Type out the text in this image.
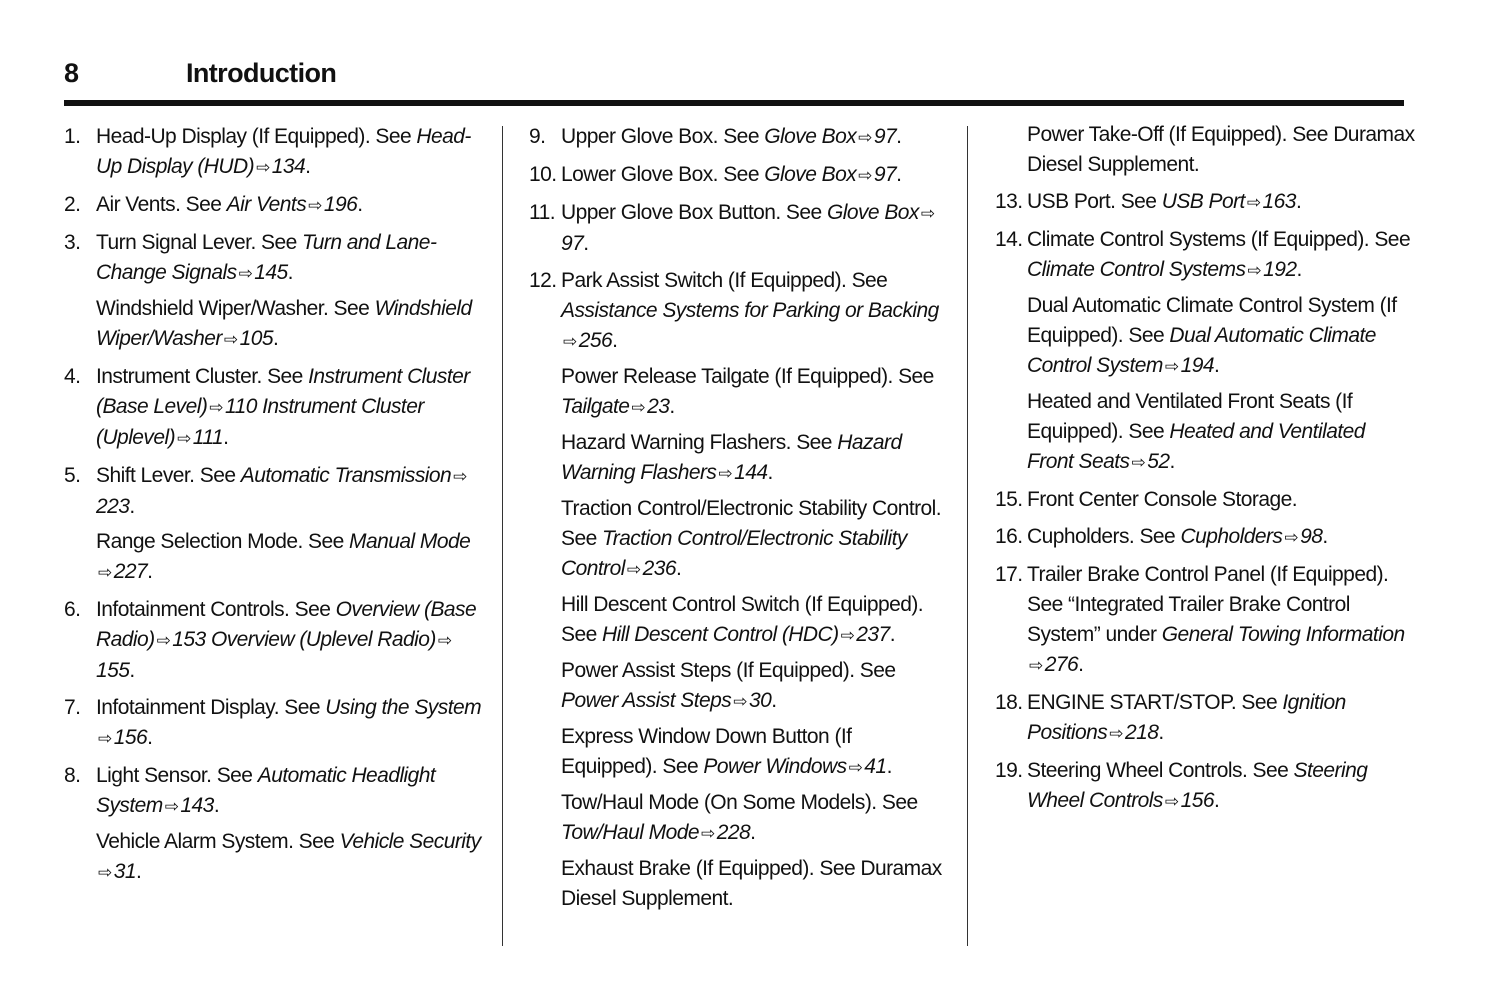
8	Introduction
1. Head-Up Display (If Equipped). See Head-Up Display (HUD) ⇨134.
2. Air Vents. See Air Vents ⇨196.
3. Turn Signal Lever. See Turn and Lane-Change Signals ⇨145.
Windshield Wiper/Washer. See Windshield Wiper/Washer ⇨105.
4. Instrument Cluster. See Instrument Cluster (Base Level) ⇨110 Instrument Cluster (Uplevel) ⇨111.
5. Shift Lever. See Automatic Transmission ⇨223.
Range Selection Mode. See Manual Mode⇨227.
6. Infotainment Controls. See Overview (Base Radio) ⇨153 Overview (Uplevel Radio) ⇨155.
7. Infotainment Display. See Using the System⇨156.
8. Light Sensor. See Automatic Headlight System ⇨143.
Vehicle Alarm System. See Vehicle Security⇨31.
9. Upper Glove Box. See Glove Box ⇨97.
10. Lower Glove Box. See Glove Box ⇨97.
11. Upper Glove Box Button. See Glove Box ⇨97.
12. Park Assist Switch (If Equipped). See Assistance Systems for Parking or Backing⇨256.
Power Release Tailgate (If Equipped). See Tailgate ⇨23.
Hazard Warning Flashers. See Hazard Warning Flashers ⇨144.
Traction Control/Electronic Stability Control. See Traction Control/Electronic Stability Control ⇨236.
Hill Descent Control Switch (If Equipped). See Hill Descent Control (HDC) ⇨237.
Power Assist Steps (If Equipped). See Power Assist Steps ⇨30.
Express Window Down Button (If Equipped). See Power Windows ⇨41.
Tow/Haul Mode (On Some Models). See Tow/Haul Mode ⇨228.
Exhaust Brake (If Equipped). See Duramax Diesel Supplement.
Power Take-Off (If Equipped). See Duramax Diesel Supplement.
13. USB Port. See USB Port ⇨163.
14. Climate Control Systems (If Equipped). See Climate Control Systems ⇨192.
Dual Automatic Climate Control System (If Equipped). See Dual Automatic Climate Control System ⇨194.
Heated and Ventilated Front Seats (If Equipped). See Heated and Ventilated Front Seats ⇨52.
15. Front Center Console Storage.
16. Cupholders. See Cupholders ⇨98.
17. Trailer Brake Control Panel (If Equipped). See “Integrated Trailer Brake Control System” under General Towing Information⇨276.
18. ENGINE START/STOP. See Ignition Positions ⇨218.
19. Steering Wheel Controls. See Steering Wheel Controls ⇨156.
